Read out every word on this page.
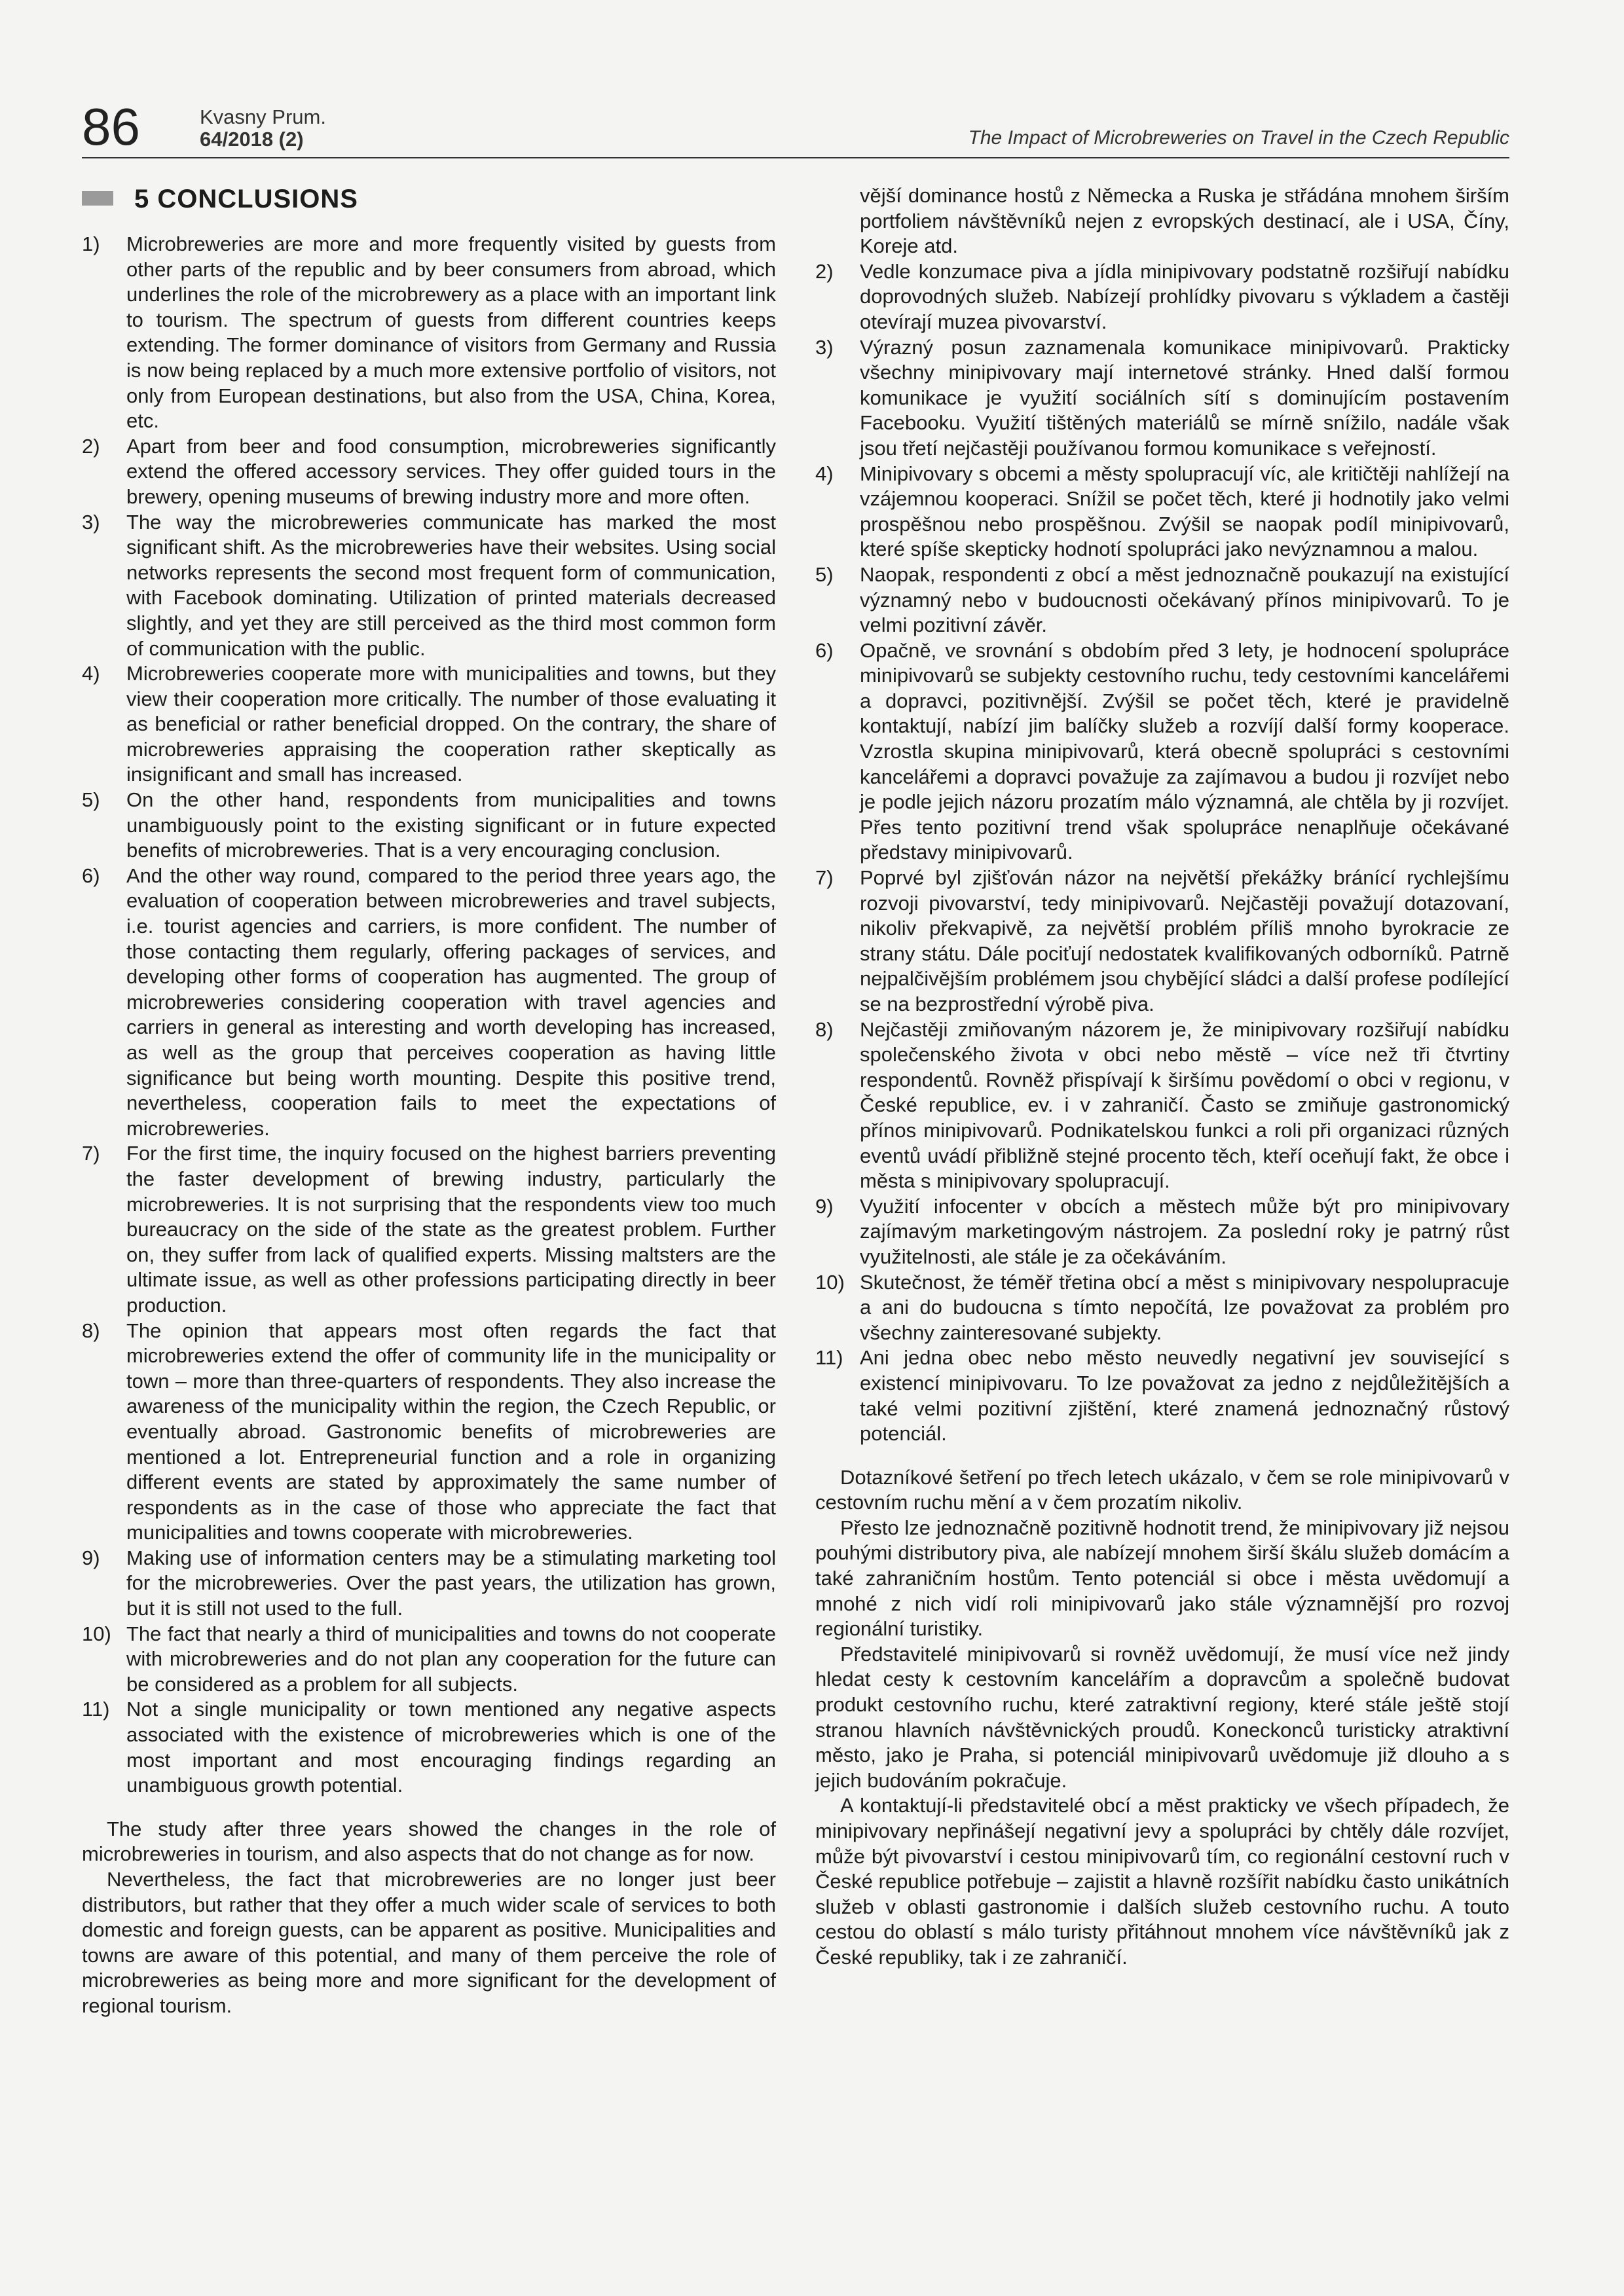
86	Kvasny Prum.
64/2018 (2)	The Impact of Microbreweries on Travel in the Czech Republic
5 CONCLUSIONS
1) Microbreweries are more and more frequently visited by guests from other parts of the republic and by beer consumers from abroad, which underlines the role of the microbrewery as a place with an important link to tourism. The spectrum of guests from different countries keeps extending. The former dominance of visitors from Germany and Russia is now being replaced by a much more extensive portfolio of visitors, not only from European destinations, but also from the USA, China, Korea, etc.
2) Apart from beer and food consumption, microbreweries significantly extend the offered accessory services. They offer guided tours in the brewery, opening museums of brewing industry more and more often.
3) The way the microbreweries communicate has marked the most significant shift. As the microbreweries have their websites. Using social networks represents the second most frequent form of communication, with Facebook dominating. Utilization of printed materials decreased slightly, and yet they are still perceived as the third most common form of communication with the public.
4) Microbreweries cooperate more with municipalities and towns, but they view their cooperation more critically. The number of those evaluating it as beneficial or rather beneficial dropped. On the contrary, the share of microbreweries appraising the cooperation rather skeptically as insignificant and small has increased.
5) On the other hand, respondents from municipalities and towns unambiguously point to the existing significant or in future expected benefits of microbreweries. That is a very encouraging conclusion.
6) And the other way round, compared to the period three years ago, the evaluation of cooperation between microbreweries and travel subjects, i.e. tourist agencies and carriers, is more confident. The number of those contacting them regularly, offering packages of services, and developing other forms of cooperation has augmented. The group of microbreweries considering cooperation with travel agencies and carriers in general as interesting and worth developing has increased, as well as the group that perceives cooperation as having little significance but being worth mounting. Despite this positive trend, nevertheless, cooperation fails to meet the expectations of microbreweries.
7) For the first time, the inquiry focused on the highest barriers preventing the faster development of brewing industry, particularly the microbreweries. It is not surprising that the respondents view too much bureaucracy on the side of the state as the greatest problem. Further on, they suffer from lack of qualified experts. Missing maltsters are the ultimate issue, as well as other professions participating directly in beer production.
8) The opinion that appears most often regards the fact that microbreweries extend the offer of community life in the municipality or town – more than three-quarters of respondents. They also increase the awareness of the municipality within the region, the Czech Republic, or eventually abroad. Gastronomic benefits of microbreweries are mentioned a lot. Entrepreneurial function and a role in organizing different events are stated by approximately the same number of respondents as in the case of those who appreciate the fact that municipalities and towns cooperate with microbreweries.
9) Making use of information centers may be a stimulating marketing tool for the microbreweries. Over the past years, the utilization has grown, but it is still not used to the full.
10) The fact that nearly a third of municipalities and towns do not cooperate with microbreweries and do not plan any cooperation for the future can be considered as a problem for all subjects.
11) Not a single municipality or town mentioned any negative aspects associated with the existence of microbreweries which is one of the most important and most encouraging findings regarding an unambiguous growth potential.

The study after three years showed the changes in the role of microbreweries in tourism, and also aspects that do not change as for now.

Nevertheless, the fact that microbreweries are no longer just beer distributors, but rather that they offer a much wider scale of services to both domestic and foreign guests, can be apparent as positive. Municipalities and towns are aware of this potential, and many of them perceive the role of microbreweries as being more and more significant for the development of regional tourism.

vější dominance hostů z Německa a Ruska je střádána mnohem širším portfoliem návštěvníků nejen z evropských destinací, ale i USA, Číny, Koreje atd.
2) Vedle konzumace piva a jídla minipivovary podstatně rozšiřují nabídku doprovodných služeb. Nabízejí prohlídky pivovaru s výkladem a častěji otevírají muzea pivovarství.
3) Výrazný posun zaznamenala komunikace minipivovarů. Prakticky všechny minipivovary mají internetové stránky. Hned další formou komunikace je využití sociálních sítí s dominujícím postavením Facebooku. Využití tištěných materiálů se mírně snížilo, nadále však jsou třetí nejčastěji používanou formou komunikace s veřejností.
4) Minipivovary s obcemi a městy spolupracují víc, ale kritičtěji nahlížejí na vzájemnou kooperaci. Snížil se počet těch, které ji hodnotily jako velmi prospěšnou nebo prospěšnou. Zvýšil se naopak podíl minipivovarů, které spíše skepticky hodnotí spolupráci jako nevýznamnou a malou.
5) Naopak, respondenti z obcí a měst jednoznačně poukazují na existující významný nebo v budoucnosti očekávaný přínos minipivovarů. To je velmi pozitivní závěr.
6) Opačně, ve srovnání s obdobím před 3 lety, je hodnocení spolupráce minipivovarů se subjekty cestovního ruchu, tedy cestovními kancelářemi a dopravci, pozitivnější. Zvýšil se počet těch, které je pravidelně kontaktují, nabízí jim balíčky služeb a rozvíjí další formy kooperace. Vzrostla skupina minipivovarů, která obecně spolupráci s cestovními kancelářemi a dopravci považuje za zajímavou a budou ji rozvíjet nebo je podle jejich názoru prozatím málo významná, ale chtěla by ji rozvíjet. Přes tento pozitivní trend však spolupráce nenaplňuje očekávané představy minipivovarů.
7) Poprvé byl zjišťován názor na největší překážky bránící rychlejšímu rozvoji pivovarství, tedy minipivovarů. Nejčastěji považují dotazovaní, nikoliv překvapivě, za největší problém příliš mnoho byrokracie ze strany státu. Dále pociťují nedostatek kvalifikovaných odborníků. Patrně nejpalčivějším problémem jsou chybějící sládci a další profese podílející se na bezprostřední výrobě piva.
8) Nejčastěji zmiňovaným názorem je, že minipivovary rozšiřují nabídku společenského života v obci nebo městě – více než tři čtvrtiny respondentů. Rovněž přispívají k širšímu povědomí o obci v regionu, v České republice, ev. i v zahraničí. Často se zmiňuje gastronomický přínos minipivovarů. Podnikatelskou funkci a roli při organizaci různých eventů uvádí přibližně stejné procento těch, kteří oceňují fakt, že obce i města s minipivovary spolupracují.
9) Využití infocenter v obcích a městech může být pro minipivovary zajímavým marketingovým nástrojem. Za poslední roky je patrný růst využitelnosti, ale stále je za očekáváním.
10) Skutečnost, že téměř třetina obcí a měst s minipivovary nespolupracuje a ani do budoucna s tímto nepočítá, lze považovat za problém pro všechny zainteresované subjekty.
11) Ani jedna obec nebo město neuvedly negativní jev související s existencí minipivovaru. To lze považovat za jedno z nejdůležitějších a také velmi pozitivní zjištění, které znamená jednoznačný růstový potenciál.

Dotazníkové šetření po třech letech ukázalo, v čem se role minipivovarů v cestovním ruchu mění a v čem prozatím nikoliv.

Přesto lze jednoznačně pozitivně hodnotit trend, že minipivovary již nejsou pouhými distributory piva, ale nabízejí mnohem širší škálu služeb domácím a také zahraničním hostům. Tento potenciál si obce i města uvědomují a mnohé z nich vidí roli minipivovarů jako stále významnější pro rozvoj regionální turistiky.

Představitelé minipivovarů si rovněž uvědomují, že musí více než jindy hledat cesty k cestovním kancelářím a dopravcům a společně budovat produkt cestovního ruchu, které zatraktivní regiony, které stále ještě stojí stranou hlavních návštěvnických proudů. Koneckonců turisticky atraktivní město, jako je Praha, si potenciál minipivovarů uvědomuje již dlouho a s jejich budováním pokračuje.

A kontaktují-li představitelé obcí a měst prakticky ve všech případech, že minipivovary nepřinášejí negativní jevy a spolupráci by chtěly dále rozvíjet, může být pivovarství i cestou minipivovarů tím, co regionální cestovní ruch v České republice potřebuje – zajistit a hlavně rozšířit nabídku často unikátních služeb v oblasti gastronomie i dalších služeb cestovního ruchu. A touto cestou do oblastí s málo turisty přitáhnout mnohem více návštěvníků jak z České republiky, tak i ze zahraničí.
